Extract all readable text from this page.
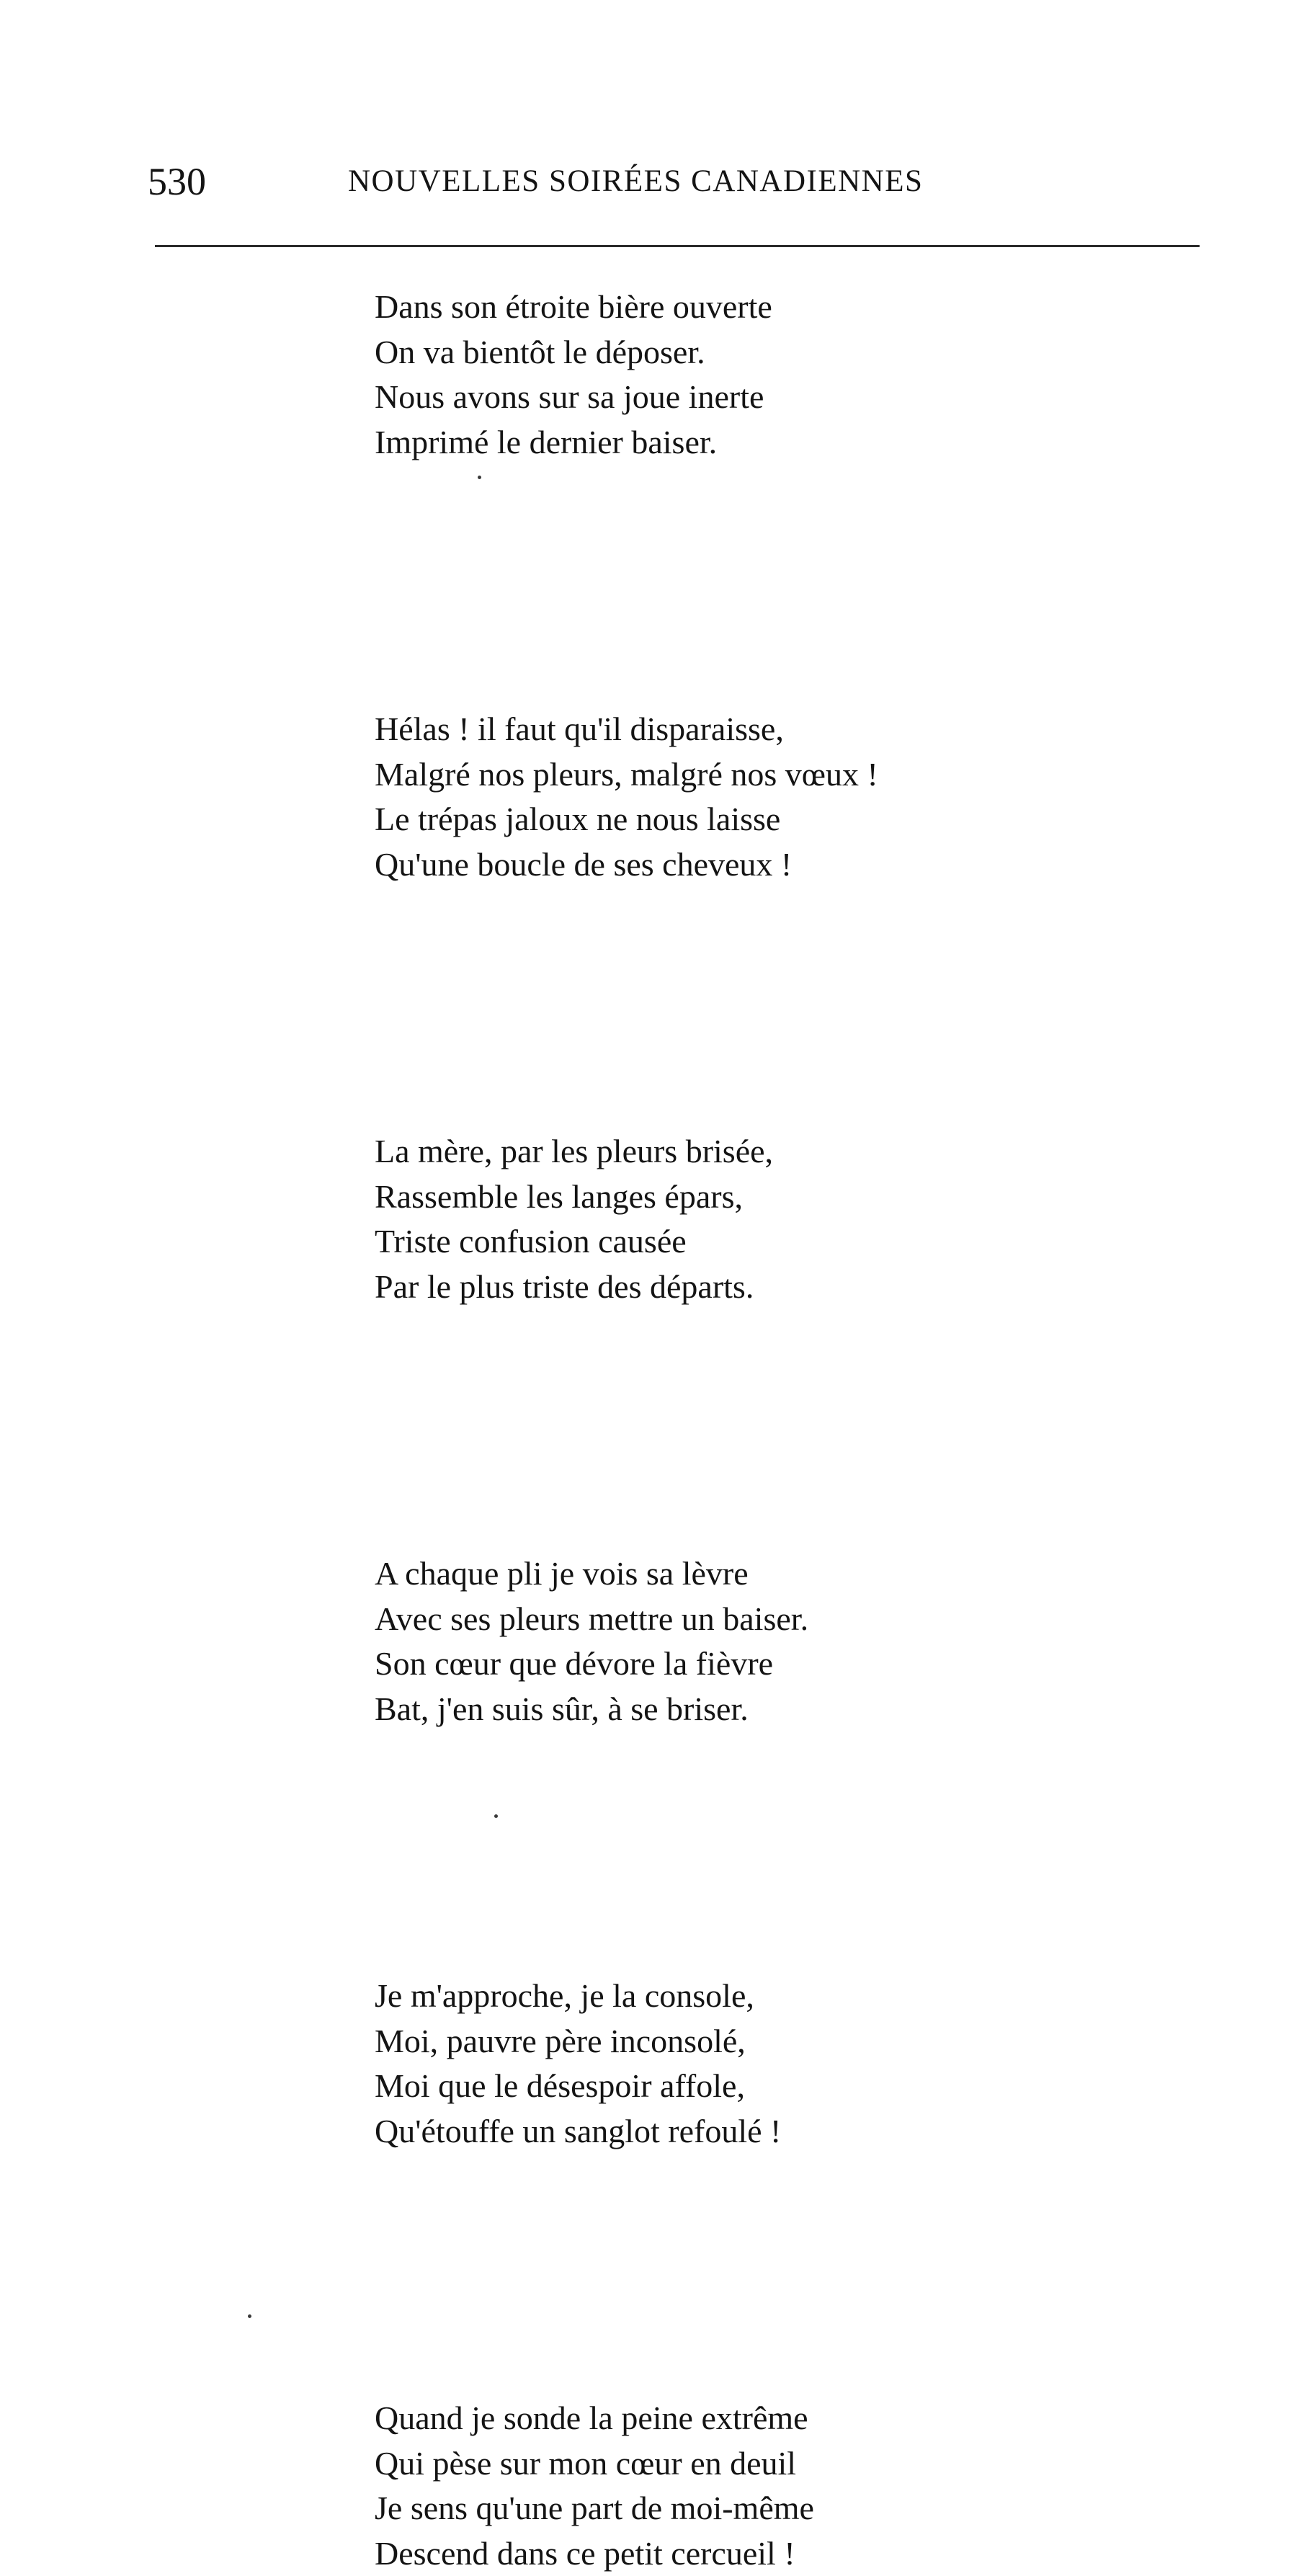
530	NOUVELLES SOIRÉES CANADIENNES
Dans son étroite bière ouverte
On va bientôt le déposer.
Nous avons sur sa joue inerte
Imprimé le dernier baiser.
Hélas ! il faut qu'il disparaisse,
Malgré nos pleurs, malgré nos vœux !
Le trépas jaloux ne nous laisse
Qu'une boucle de ses cheveux !
La mère, par les pleurs brisée,
Rassemble les langes épars,
Triste confusion causée
Par le plus triste des départs.
A chaque pli je vois sa lèvre
Avec ses pleurs mettre un baiser.
Son cœur que dévore la fièvre
Bat, j'en suis sûr, à se briser.
Je m'approche, je la console,
Moi, pauvre père inconsolé,
Moi que le désespoir affole,
Qu'étouffe un sanglot refoulé !
Quand je sonde la peine extrême
Qui pèse sur mon cœur en deuil
Je sens qu'une part de moi-même
Descend dans ce petit cercueil !
